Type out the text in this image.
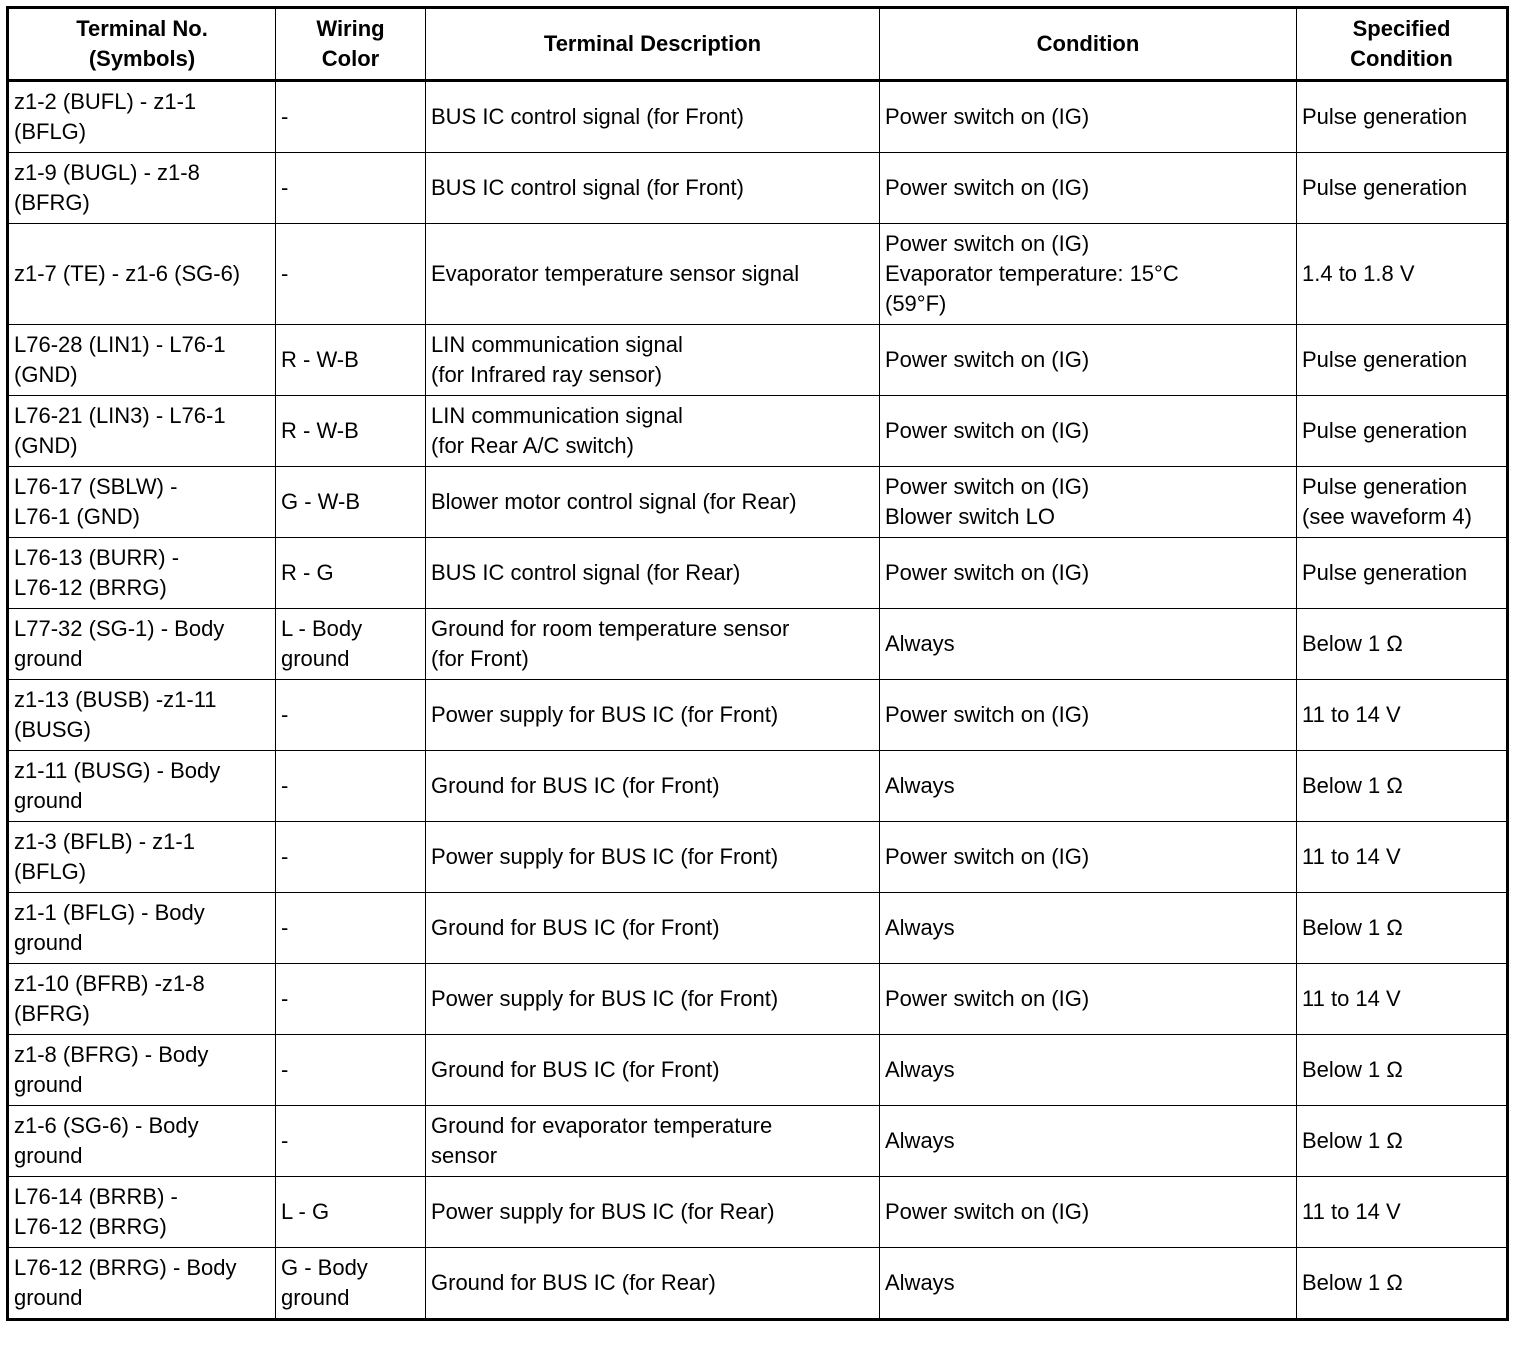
Terminal No.
(Symbols)	Wiring
Color	Terminal Description	Condition	Specified
Condition

z1-2 (BUFL) - z1-1
(BFLG)	-	BUS IC control signal (for Front)	Power switch on (IG)	Pulse generation

z1-9 (BUGL) - z1-8
(BFRG)	-	BUS IC control signal (for Front)	Power switch on (IG)	Pulse generation

z1-7 (TE) - z1-6 (SG-6)	-	Evaporator temperature sensor signal	Power switch on (IG)
Evaporator temperature: 15°C
(59°F)	1.4 to 1.8 V

L76-28 (LIN1) - L76-1
(GND)	R - W-B	LIN communication signal
(for Infrared ray sensor)	Power switch on (IG)	Pulse generation

L76-21 (LIN3) - L76-1
(GND)	R - W-B	LIN communication signal
(for Rear A/C switch)	Power switch on (IG)	Pulse generation

L76-17 (SBLW) -
L76-1 (GND)	G - W-B	Blower motor control signal (for Rear)	Power switch on (IG)
Blower switch LO	Pulse generation
(see waveform 4)

L76-13 (BURR) -
L76-12 (BRRG)	R - G	BUS IC control signal (for Rear)	Power switch on (IG)	Pulse generation

L77-32 (SG-1) - Body
ground	L - Body
ground	Ground for room temperature sensor
(for Front)	Always	Below 1 Ω

z1-13 (BUSB) -z1-11
(BUSG)	-	Power supply for BUS IC (for Front)	Power switch on (IG)	11 to 14 V

z1-11 (BUSG) - Body
ground	-	Ground for BUS IC (for Front)	Always	Below 1 Ω

z1-3 (BFLB) - z1-1
(BFLG)	-	Power supply for BUS IC (for Front)	Power switch on (IG)	11 to 14 V

z1-1 (BFLG) - Body
ground	-	Ground for BUS IC (for Front)	Always	Below 1 Ω

z1-10 (BFRB) -z1-8
(BFRG)	-	Power supply for BUS IC (for Front)	Power switch on (IG)	11 to 14 V

z1-8 (BFRG) - Body
ground	-	Ground for BUS IC (for Front)	Always	Below 1 Ω

z1-6 (SG-6) - Body
ground	-	Ground for evaporator temperature
sensor	Always	Below 1 Ω

L76-14 (BRRB) -
L76-12 (BRRG)	L - G	Power supply for BUS IC (for Rear)	Power switch on (IG)	11 to 14 V

L76-12 (BRRG) - Body
ground	G - Body
ground	Ground for BUS IC (for Rear)	Always	Below 1 Ω
